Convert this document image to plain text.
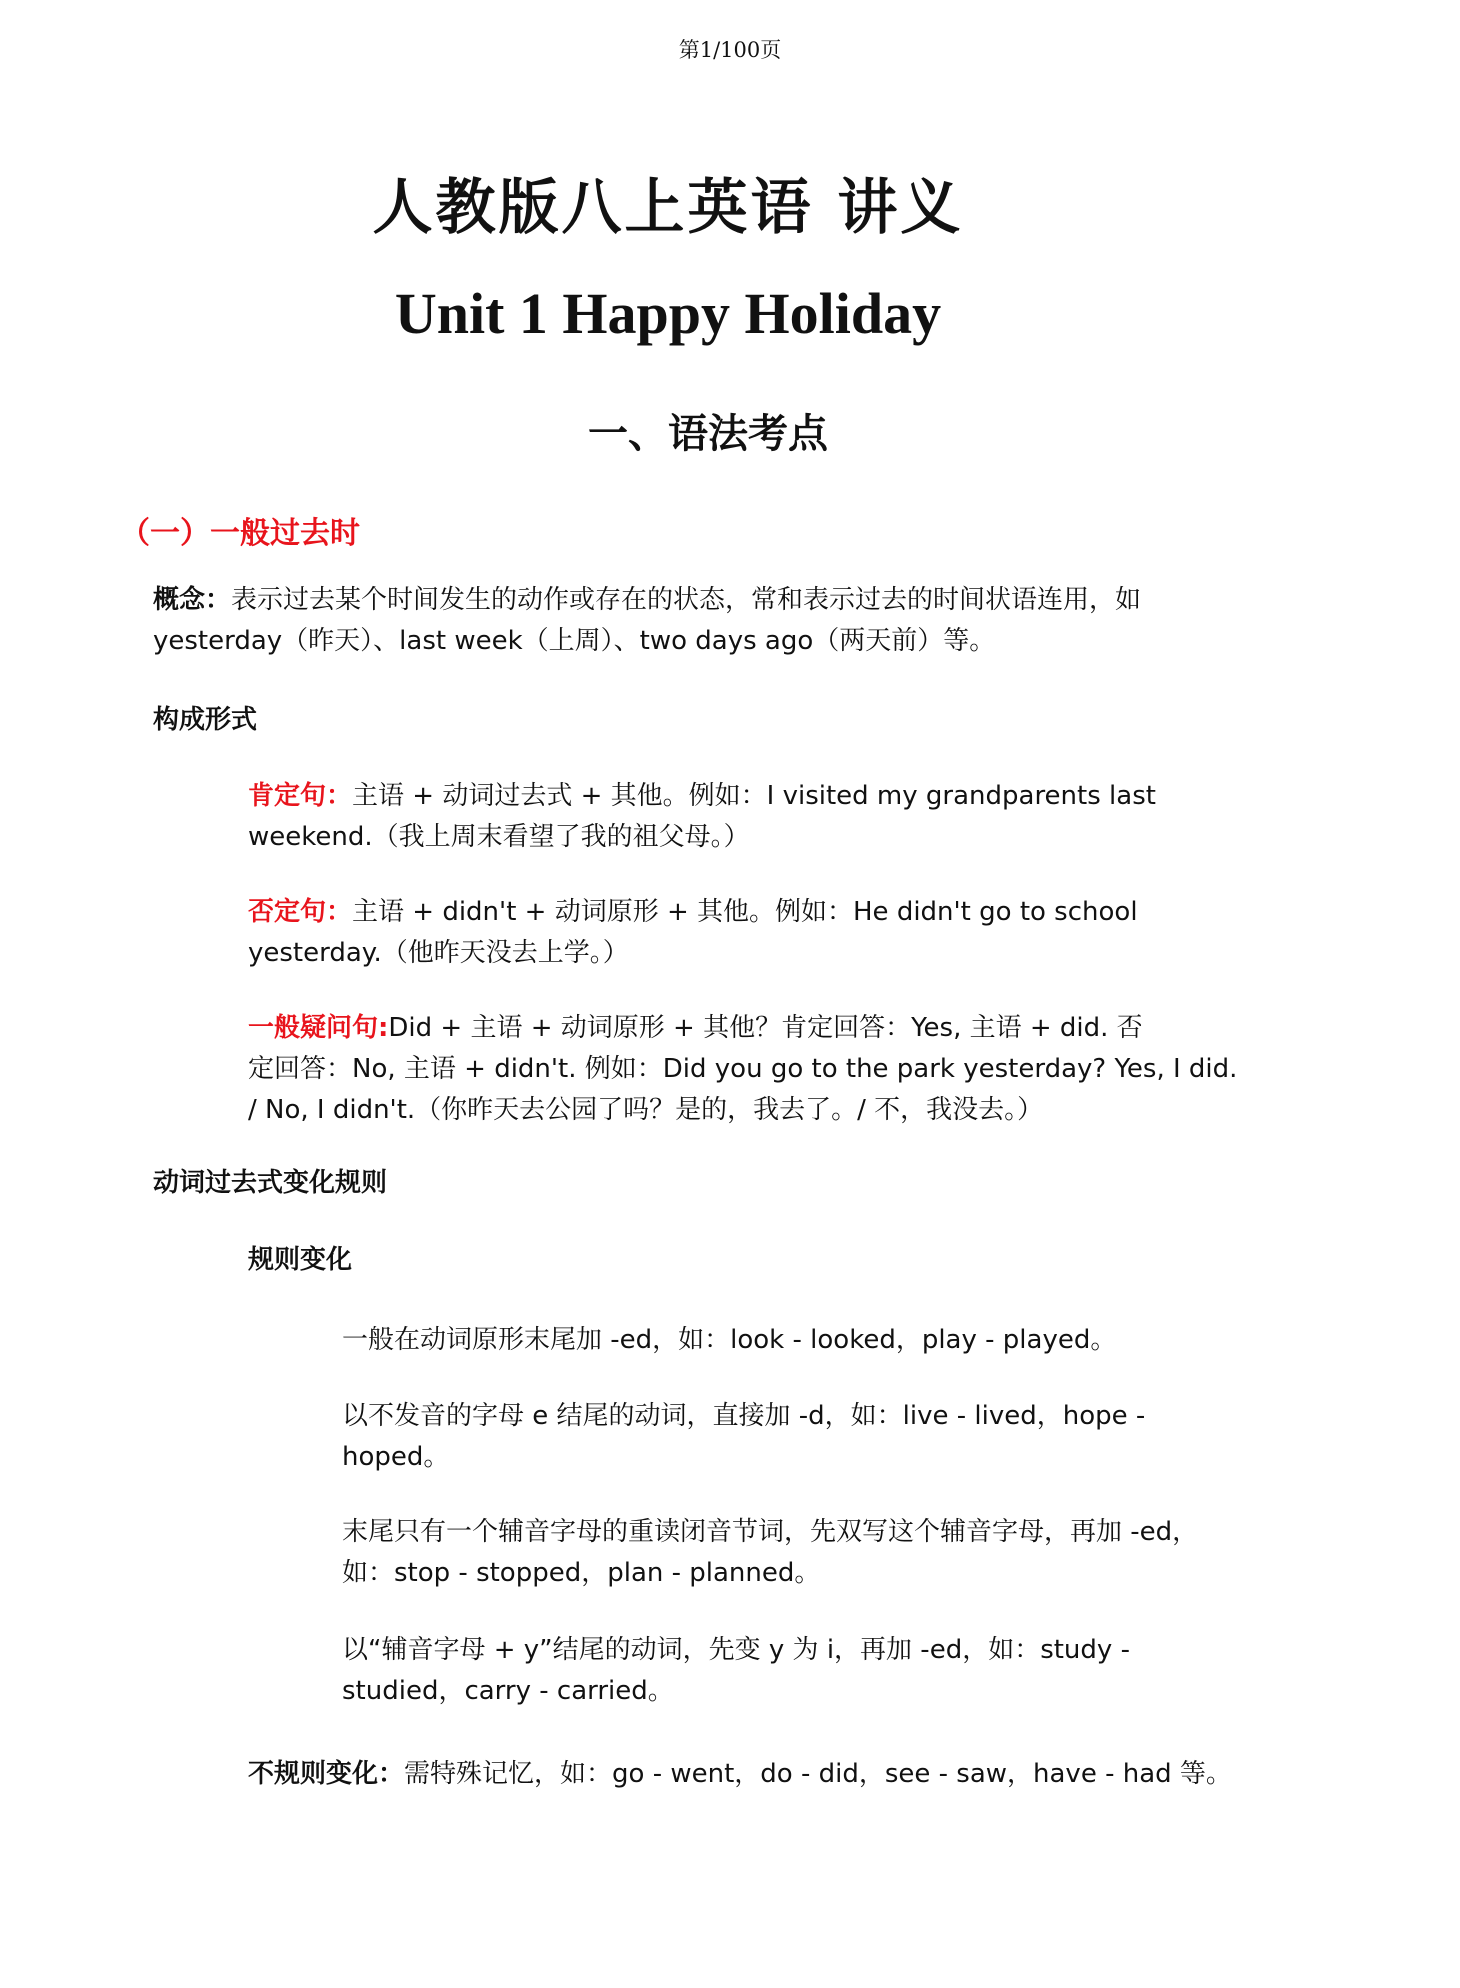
第1/100页
人教版八上英语 讲义
Unit 1 Happy Holiday
一、语法考点
（一）一般过去时
概念：表示过去某个时间发生的动作或存在的状态，常和表示过去的时间状语连用，如
yesterday（昨天）、last week（上周）、two days ago（两天前）等。
构成形式
肯定句：主语 + 动词过去式 + 其他。例如：I visited my grandparents last
weekend.（我上周末看望了我的祖父母。）
否定句：主语 + didn't + 动词原形 + 其他。例如：He didn't go to school
yesterday.（他昨天没去上学。）
一般疑问句:Did + 主语 + 动词原形 + 其他？肯定回答：Yes, 主语 + did. 否
定回答：No, 主语 + didn't. 例如：Did you go to the park yesterday? Yes, I did.
/ No, I didn't.（你昨天去公园了吗？是的，我去了。/ 不，我没去。）
动词过去式变化规则
规则变化
一般在动词原形末尾加 -ed，如：look - looked，play - played。
以不发音的字母 e 结尾的动词，直接加 -d，如：live - lived，hope -
hoped。
末尾只有一个辅音字母的重读闭音节词，先双写这个辅音字母，再加 -ed，
如：stop - stopped，plan - planned。
以“辅音字母 + y”结尾的动词，先变 y 为 i，再加 -ed，如：study -
studied，carry - carried。
不规则变化：需特殊记忆，如：go - went，do - did，see - saw，have - had 等。
